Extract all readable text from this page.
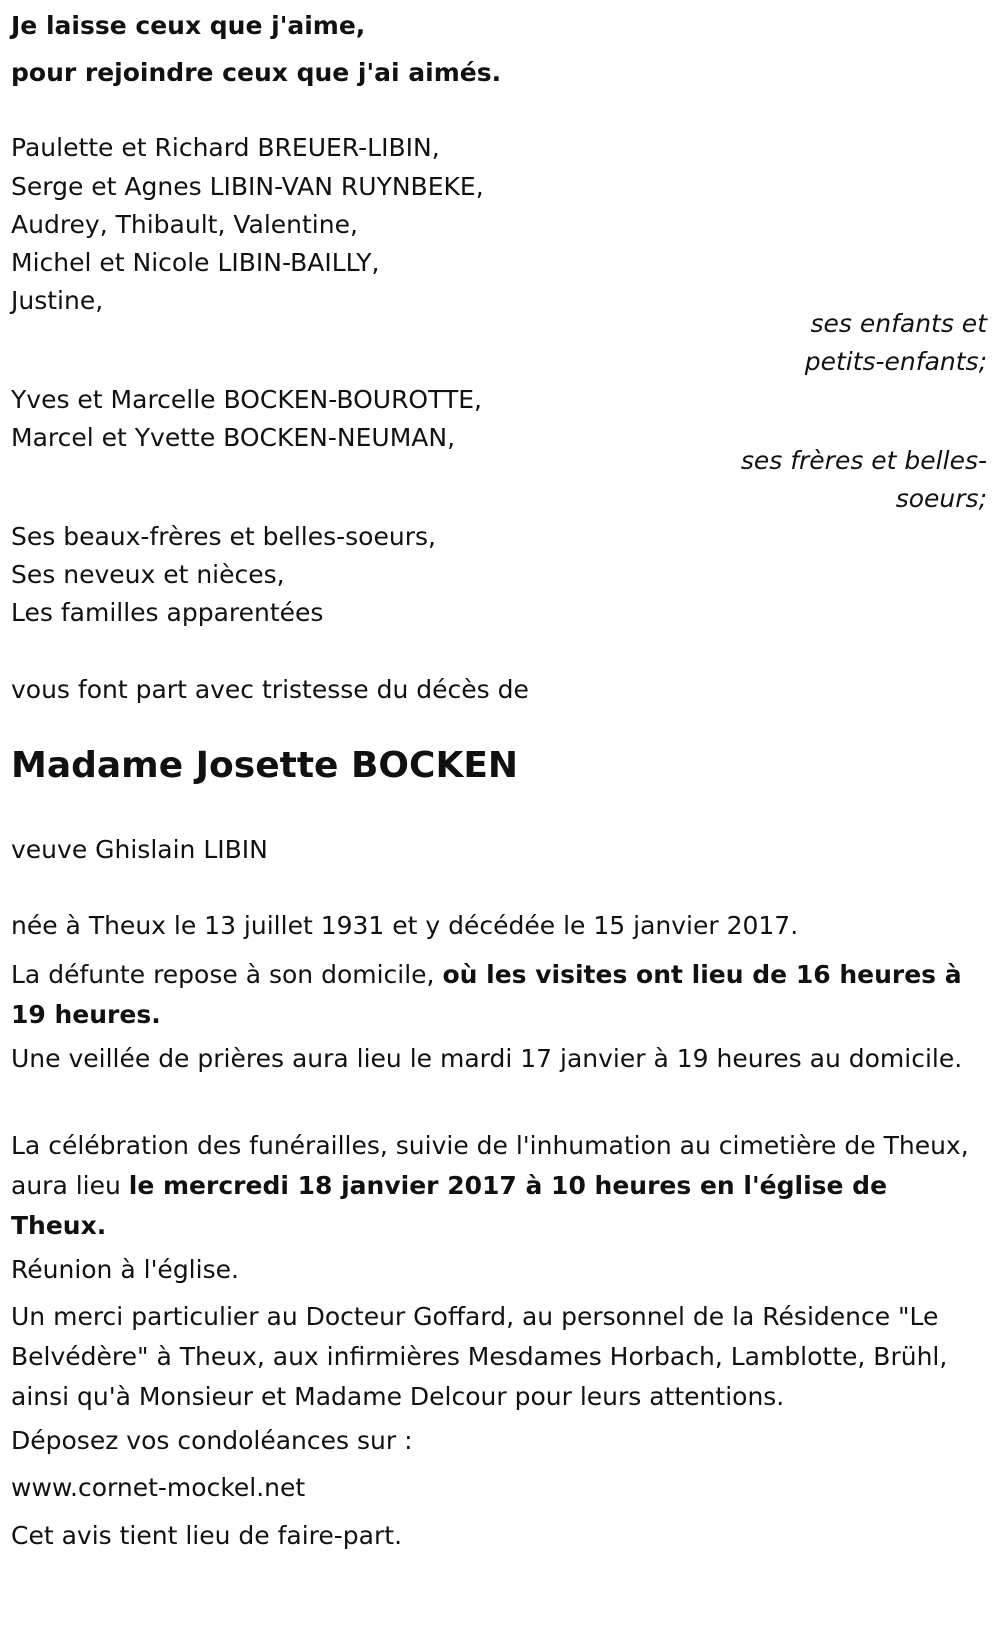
Je laisse ceux que j'aime,
pour rejoindre ceux que j'ai aimés.
Paulette et Richard BREUER-LIBIN,
Serge et Agnes LIBIN-VAN RUYNBEKE,
Audrey, Thibault, Valentine,
Michel et Nicole LIBIN-BAILLY,
Justine,
ses enfants et
petits-enfants;
Yves et Marcelle BOCKEN-BOUROTTE,
Marcel et Yvette BOCKEN-NEUMAN,
ses frères et belles-
soeurs;
Ses beaux-frères et belles-soeurs,
Ses neveux et nièces,
Les familles apparentées
vous font part avec tristesse du décès de
Madame Josette BOCKEN
veuve Ghislain LIBIN
née à Theux le 13 juillet 1931 et y décédée le 15 janvier 2017.
La défunte repose à son domicile, où les visites ont lieu de 16 heures à 19 heures.
Une veillée de prières aura lieu le mardi 17 janvier à 19 heures au domicile.
La célébration des funérailles, suivie de l'inhumation au cimetière de Theux, aura lieu le mercredi 18 janvier 2017 à 10 heures en l'église de Theux.
Réunion à l'église.
Un merci particulier au Docteur Goffard, au personnel de la Résidence "Le Belvédère" à Theux, aux infirmières Mesdames Horbach, Lamblotte, Brühl, ainsi qu'à Monsieur et Madame Delcour pour leurs attentions.
Déposez vos condoléances sur :
www.cornet-mockel.net
Cet avis tient lieu de faire-part.
